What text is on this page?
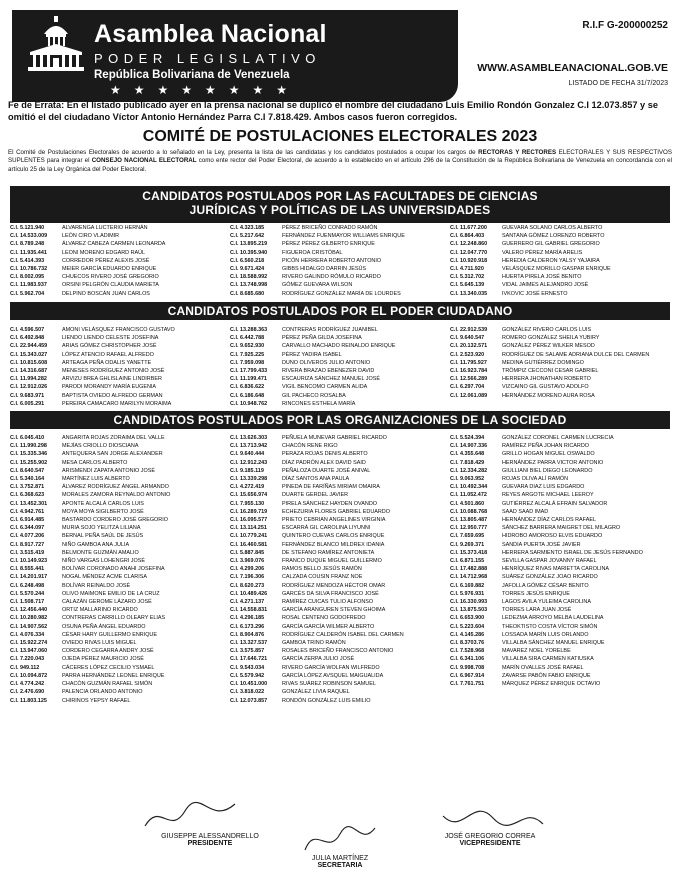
Asamblea Nacional
PODER LEGISLATIVO
República Bolivariana de Venezuela
★★★★★★★★
R.I.F G-200000252
WWW.ASAMBLEANACIONAL.GOB.VE
LISTADO DE FECHA 31/7/2023
Fe de Errata: En el listado publicado ayer en la prensa nacional se duplicó el nombre del ciudadano Luis Emilio Rondón Gonzalez C.I 12.073.857 y se omitió el del ciudadano Víctor Antonio Hernández Parra C.I 7.818.429. Ambos casos fueron corregidos.
COMITÉ DE POSTULACIONES ELECTORALES 2023
El Comité de Postulaciones Electorales de acuerdo a lo señalado en la Ley, presenta la lista de las candidatas y los candidatos postulados a ocupar los cargos de RECTORAS Y RECTORES ELECTORALES Y SUS RESPECTIVOS SUPLENTES para integrar el CONSEJO NACIONAL ELECTORAL como ente rector del Poder Electoral, de acuerdo a lo establecido en el artículo 296 de la Constitución de la República Bolivariana de Venezuela en concordancia con el artículo 25 de la Ley Orgánica del Poder Electoral.
CANDIDATOS POSTULADOS POR LAS FACULTADES DE CIENCIAS
JURÍDICAS Y POLÍTICAS DE LAS UNIVERSIDADES
C.I. 5.121.940	ALVARENGA LUCTERIO HERNÁN
C.I. 14.533.009	LEÓN CIRO VLADIMIR
C.I. 8.789.248	ÁLVAREZ CABEZA CARMEN LEONARDA
C.I. 11.935.441	LEONI MORENO EDGARD RAÚL
C.I. 5.414.393	CORREDOR PÉREZ ALEXIS JOSÉ
C.I. 10.786.732	MEIER GARCÍA EDUARDO ENRIQUE
C.I. 8.002.095	CHUECOS RIVERO JOSÉ GREGORIO
C.I. 11.983.937	ORSINI PELGRÓN CLAUDIA MARIETA
C.I. 5.962.704	DELPINO BOSCÁN JUAN CARLOS
C.I. 4.323.185	PÉREZ BRICEÑO CONRADO RAMÓN
C.I. 5.217.642	FERNÁNDEZ FUENMAYOR WILLIAMS ENRIQUE
C.I. 13.895.219	PÉREZ PÉREZ GILBERTO ENRIQUE
C.I. 10.395.940	FIGUEROA CRISTÓBAL
C.I. 6.560.218	PICÓN HERRERA ROBERTO ANTONIO
C.I. 9.671.424	GIBBS HIDALGO DARRIN JESÚS
C.I. 18.588.992	RIVERO GALINDO RÓMULO RICARDO
C.I. 13.748.998	GÓMEZ GUEVARA WILSON
C.I. 8.685.680	RODRÍGUEZ GONZÁLEZ MARÍA DE LOURDES
C.I. 11.677.200	GUEVARA SOLANO CARLOS ALBERTO
C.I. 6.864.403	SANTANA GÓMEZ LORENZO ROBERTO
C.I. 12.248.860	GUERRERO GIL GABRIEL GREGORIO
C.I. 12.047.770	VALERO PÉREZ MARÍA ARELIS
C.I. 10.920.918	HEREDIA CALDERON YALSY YAJAIRA
C.I. 4.711.920	VELÁSQUEZ MORILLO GASPAR ENRIQUE
C.I. 5.312.702	HUERTA PIRELA JOSÉ BENITO
C.I. 5.645.139	VIDAL JAIMES ALEJANDRO JOSÉ
C.I. 13.340.035	IVKOVIC JOSÉ ERNESTO
CANDIDATOS POSTULADOS POR EL PODER CIUDADANO
C.I. 4.596.507	AMONI VELÁSQUEZ FRANCISCO GUSTAVO
C.I. 6.492.848	LIENDO LIENDO CELESTE JOSEFINA
C.I. 22.944.459	ARIAS GÓMEZ CHRISTOPHER JOSÉ
C.I. 15.343.027	LÓPEZ ATENCIO RAFAEL ALFREDO
C.I. 10.815.608	ARTEAGA PEÑA ODALIS YANETTE
C.I. 14.316.687	MENESES RODRÍGUEZ ANTONIO JOSÉ
C.I. 11.994.282	ARVIZU BREA GHLISLAINE LINDIRBER
C.I. 12.912.026	PARODI MORANDY MARÍA EUGENIA
C.I. 9.683.971	BAPTISTA OVIEDO ALFREDO GERMAN
C.I. 6.005.291	PEREIRA CAMACARO MARILYN MORAIMA
C.I. 13.288.363	CONTRERAS RODRÍGUEZ JUANIBEL
C.I. 6.442.788	PÉREZ PEÑA GILDA JOSEFINA
C.I. 9.652.930	CARVALLO MACHADO REINALDO ENRIQUE
C.I. 7.925.225	PÉREZ YADIRA ISABEL
C.I. 7.959.098	DUNO OLIVEROS JULIO ANTONIO
C.I. 17.799.433	RIVERA BRAZAO EBENEZER DAVID
C.I. 11.199.471	ESCAURIZA SÁNCHEZ MANUEL JOSÉ
C.I. 6.836.622	VIGIL BENCOMO CARMEN ALIDA
C.I. 6.186.648	GIL PACHECO ROSALBA
C.I. 10.948.762	RINCONES ESTHELA MARÍA
C.I. 22.912.539	GONZÁLEZ RIVERO CARLOS LUIS
C.I. 9.640.547	ROMERO GONZÁLEZ SHEILA YUBIRY
C.I. 20.132.571	GONZÁLEZ PÉREZ WILKER MESOD
C.I. 2.523.920	RODRÍGUEZ DE SALAME ADRIANA DULCE DEL CARMEN
C.I. 11.795.927	MEDINA GUTIÉRREZ DOMINGO
C.I. 16.923.784	TRÖMPIZ CECCONI CESAR GABRIEL
C.I. 12.566.289	HERRERA JHONATHAN ROBERTO
C.I. 6.297.704	VIZCAINO GIL GUSTAVO ADOLFO
C.I. 12.061.089	HERNÁNDEZ MORENO AURA ROSA
CANDIDATOS POSTULADOS POR LAS ORGANIZACIONES DE LA SOCIEDAD
C.I. 6.045.410	ANGARITA ROJAS ZORAIMA DEL VALLE
C.I. 11.990.298	MEJÍAS CRIOLLO DIOSCIANA
C.I. 15.335.346	ANTEQUERA SAN JORGE ALEXANDER
C.I. 15.255.902	MESA CARLOS ALBERTO
C.I. 8.640.547	ARISMENDI ZAPATA ANTONIO JOSÉ
C.I. 5.340.164	MARTÍNEZ LUIS ALBERTO
C.I. 3.752.871	ÁLVAREZ RODRÍGUEZ ÁNGEL ARMANDO
C.I. 6.368.623	MORALES ZAMORA REYNALDO ANTONIO
C.I. 13.452.301	APONTE ALCALÁ CARLOS LUIS
C.I. 4.942.761	MOYA MOYA SIGILBERTO JOSÉ
C.I. 6.914.485	BASTARDO CORDERO JOSÉ GREGORIO
C.I. 6.344.097	MURIA SOJO YELITZA LILIANA
C.I. 4.077.206	BERNAL PEÑA SAÚL DE JESÚS
C.I. 8.917.727	NIÑO GAMBOA ANA JULIA
C.I. 3.515.419	BELMONTE GUZMÁN AMALIO
C.I. 10.149.923	NIÑO VARGAS LOHENGRI JOSÉ
C.I. 8.555.441	BOLÍVAR CORONADO ANAHI JOSEFINA
C.I. 14.201.917	NOGAL MÉNDEZ ACME CLARISA
C.I. 6.248.498	BOLÍVAR REINALDO JOSÉ
C.I. 5.570.244	OLIVO MAIMONE EMILIO DE LA CRUZ
C.I. 1.508.717	CALAZÁN GEROME LÁZARO JOSÉ
C.I. 12.456.440	ORTIZ MALLARINO RICARDO
C.I. 10.280.982	CONTRERAS CARRILLO OLEARY ELIAS
C.I. 14.907.562	OSUNA PEÑA ÁNGEL EDUARDO
C.I. 4.076.334	CÉSAR HARY GUILLERMO ENRIQUE
C.I. 15.922.274	OVIEDO RIVAS LUIS MIGUEL
C.I. 13.947.060	CORDERO CEGARRA ANDRY JOSÉ
C.I. 7.220.043	OJEDA PÉREZ MAURICIO JOSÉ
C.I. 949.112	CÁCERES LÓPEZ CECILIO YSMAEL
C.I. 10.094.872	PARRA HERNÁNDEZ LEONEL ENRIQUE
C.I. 4.774.242	CHACÓN GUZMÁN RAFAEL SIMÓN
C.I. 2.476.690	PALENCIA ORLANDO ANTONIO
C.I. 11.803.125	CHIRINOS YEPSY RAFAEL
C.I. 13.626.303	PEÑUELA MUNEVAR GABRIEL RICARDO
C.I. 13.713.942	CHACÓN RENE RIGO
C.I. 9.640.444	PERAZA ROJAS DENIS ALBERTO
C.I. 12.912.243	DÍAZ PADRÓN ALEX DAVID SAID
C.I. 9.185.119	PEÑALOZA DUARTE JOSÉ ANIVAL
C.I. 13.339.298	DÍAZ SANTOS ANA PAULA
C.I. 4.272.419	PINEDA DE FARÍÑAS MIRIAM OMAIRA
C.I. 15.656.974	DUARTE GERDEL JAVIER
C.I. 7.955.130	PIRELA SÁNCHEZ HAYDEN OVANDO
C.I. 16.289.719	ECHEZURIA FLORES GABRIEL EDUARDO
C.I. 16.095.577	PRIETO CEBRIAN ANGELINES VIRGINIA
C.I. 13.114.251	ESCARRÁ GIL CAROLINA LIYUNNI
C.I. 10.779.241	QUINTERO CUEVAS CARLOS ENRIQUE
C.I. 16.460.581	FERNÁNDEZ BLANCO MILDREX IDANIA
C.I. 5.887.845	DE STEFANO RAMÍREZ ANTONIETA
C.I. 3.969.076	FRANCO DUQUE MIGUEL GUILLERMO
C.I. 4.299.206	RAMOS BELLO JESÚS RAMÓN
C.I. 7.196.306	CALZADA COUSIN FRANZ NOE
C.I. 8.620.273	RODRÍGUEZ MENDOZA HÉCTOR OMAR
C.I. 10.489.426	GARCÉS DA SILVA FRANCISCO JOSÉ
C.I. 4.271.137	RAMÍREZ CUICAS TULIO ALFONSO
C.I. 14.558.831	GARCÍA ARANGUREN STEVEN GHOIMA
C.I. 4.296.185	ROSAL CENTENO GODOFREDO
C.I. 6.173.296	GARCÍA GARCÍA WILMER ALBERTO
C.I. 8.904.876	RODRÍGUEZ CALDERÓN ISABEL DEL CARMEN
C.I. 13.327.537	GAMBOA TRINO RAMÓN
C.I. 3.575.857	ROSALES BRICEÑO FRANCISCO ANTONIO
C.I. 17.646.721	GARCÍA ZERPA JULIO JOSÉ
C.I. 9.543.034	RIVERO GARCÍA WOLFAN WILFREDO
C.I. 5.579.942	GARCÍA LÓPEZ AVSQUEL MAIGUALIDA
C.I. 10.451.000	RIVAS SUÁREZ ROBINSON SAMUEL
C.I. 3.818.022	GONZÁLEZ LIVIA RAQUEL
C.I. 12.073.857	RONDÓN GONZÁLEZ LUIS EMILIO
C.I. 5.524.394	GONZÁLEZ CORONEL CARMEN LUCRECIA
C.I. 14.907.336	RAMÍREZ PEÑA JOHAN RICARDO
C.I. 4.355.648	GRILLO HOGAN MIGUEL OSWALDO
C.I. 7.818.429	HERNÁNDEZ PARRA VICTOR ANTONIO
C.I. 12.334.282	GIULLIANI BIEL DIEGO LEONARDO
C.I. 9.063.952	ROJAS OLIVA ALÍ RAMÓN
C.I. 10.492.344	GUEVARA DIAZ LUIS EDGARDO
C.I. 11.052.472	REYES ARGOTE MICHAEL LEEROY
C.I. 4.501.860	GUTIÉRREZ ALCALÁ EFRAIN SALVADOR
C.I. 10.088.768	SAAD SAAD IMAD
C.I. 13.805.487	HERNÁNDEZ DÍAZ CARLOS RAFAEL
C.I. 12.950.777	SÁNCHEZ BARRERA MAIGRET DEL MILAGRO
C.I. 7.659.695	HIDROBO AMOROSO ELVIS EDUARDO
C.I. 9.269.371	SANDIA PUERTA JOSÉ JAVIER
C.I. 15.373.418	HERRERA SARMIENTO ISRAEL DE JESÚS FERNANDO
C.I. 6.871.155	SEVILLA GASPAR JOVANNY RAFAEL
C.I. 17.482.888	HENRÍQUEZ RIVAS MARIETTA CAROLINA
C.I. 14.712.968	SUÁREZ GONZÁLEZ JOAO RICARDO
C.I. 6.169.882	JAFOLLA GÓMEZ CÉSAR BENITO
C.I. 5.976.931	TORRES JESÚS ENRIQUE
C.I. 16.330.993	LAGOS AVILA YULEIMA CAROLINA
C.I. 13.875.503	TORRES LARA JUAN JOSÉ
C.I. 6.653.900	LEDEZMA ARROYO MELBA LAUDELINA
C.I. 5.223.604	THEOKTISTO COSTA VÍCTOR SIMÓN
C.I. 4.145.286	LOSSADA MARÍN LUIS ORLANDO
C.I. 8.3703.76	VILLALBA SÁNCHEZ MANUEL ENRIQUE
C.I. 7.528.968	MAVAREZ NOEL YORELBE
C.I. 6.341.106	VILLALBA SIRA CARMEN KATIUSKA
C.I. 9.998.708	MARÍN OVALLES JOSÉ RAFAEL
C.I. 6.967.914	ZAVARSE PABÓN FABIO ENRIQUE
C.I. 7.761.751	MÁRQUEZ PÉREZ ENRIQUE OCTAVIO
GIUSEPPE ALESSANDRELLO
PRESIDENTE
JULIA MARTÍNEZ
SECRETARIA
JOSÉ GREGORIO CORREA
VICEPRESIDENTE
